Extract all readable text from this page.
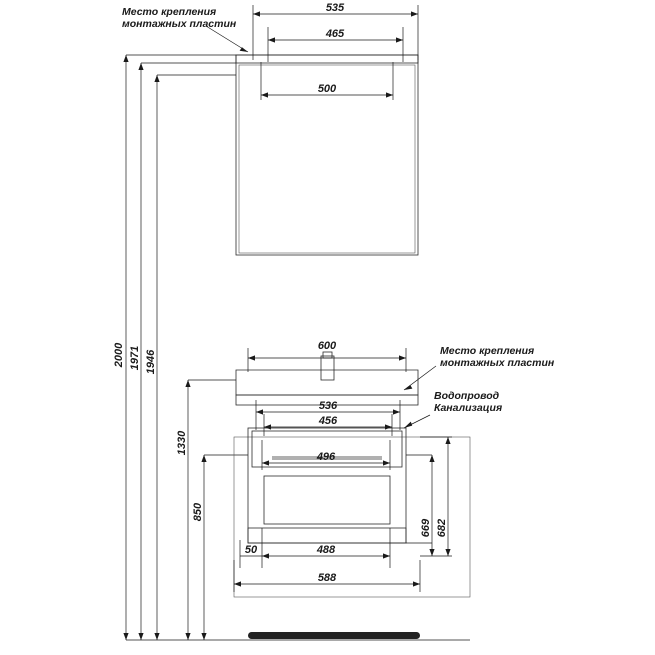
535
465
500
Место крепления
монтажных пластин
2000 1971 1946
1330
850
600
536
456
496
488
50
588
669 682
Место крепления
монтажных пластин
Водопровод
Канализация
